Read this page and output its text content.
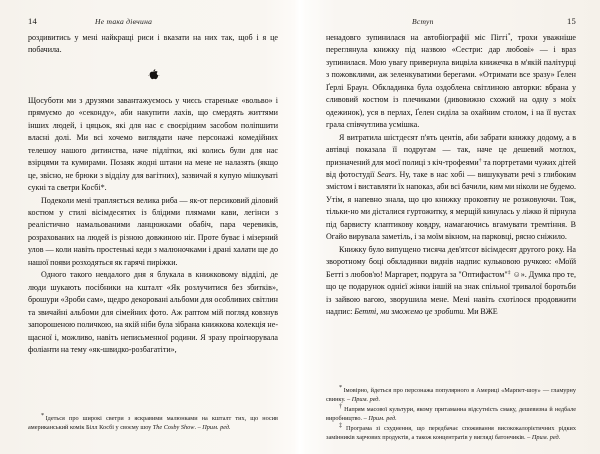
14	Не така дівчина

роздивитись у мені найкращі риси і вказати на них так, щоб і я це побачила.

Щосуботи ми з друзями завантажуємось у чиєсь стареньке «вольво» і прямуємо до «секонду», аби накупити лахів, що смердять життями інших людей, і цяцьок, які для нас є своєрідним засобом поліпшити власні долі. Ми всі хочемо виглядати наче персонажі комедійних телешоу нашого дитинства, наче підлітки, які колись були для нас взірцями та кумирами. Позаяк жодні штани на мене не налазять (якщо це, звісно, не брюки з відділу для вагітних), зазвичай я купую мішкуваті сукні та светри Косбі*.

Подеколи мені трапляється велика риба — як-от персиковий діловий костюм у стилі вісімдесятих із блідими плямами кави, легінси з реалістично намальованими ланцюжками обабіч, пара черевиків, розрахованих на людей із різною довжиною ніг. Проте буває і мізерний улов — коли навіть простенькі кеди з малюночками і драні халати ще до нашої появи розходяться як гарячі пиріжки.

Одного такого невдалого дня я блукала в книжковому відділі, де люди шукають посібники на кшталт «Як розлучитися без збитків», брошури «Зроби сам», щедро декоровані альбоми для особливих світлин та звичайні альбоми для сімейних фото. Аж раптом мій погляд ковзнув запорошеною поличкою, на якій ніби була зібрана книжкова колекція нещасної і, можливо, навіть неписьменної родини. Я зразу проігнорувала фоліанти на тему «як-швидко-розбагатіти»,

* Ідеться про широкі светри з яскравими малюнками на кшталт тих, що носив американський комік Білл Косбі у своєму шоу The Cosby Show. – Прим. ред.

Вступ	15

ненадовго зупинилася на автобіографії міс Піггі*, трохи уважніше переглянула книжку під назвою «Сестри: дар любові» — і враз зупинилася. Мою увагу привернула вицвіла книжечка в м'якій палітурці з пожовклими, аж зеленкуватими берегами. «Отримати все зразу» Ґелен Ґерлі Браун. Обкладинка була оздоблена світлиною авторки: вбрана у сливовий костюм із плечиками (дивовижно схожий на одну з моїх одежинок), уся в перлах, Ґелен сиділа за охайним столом, і на її вустах грала співчутлива усмішка.

Я витратила шістдесят п'ять центів, аби забрати книжку додому, а в автівці показала її подругам — так, наче це дешевий мотлох, призначений для моєї полиці з кіч-трофеями† та портретами чужих дітей від фотостудії Sears. Ну, таке в нас хобі — вишукувати речі з глибоким змістом і виставляти їх напоказ, аби всі бачили, ким ми ніколи не будемо. Утім, я напевно знала, що цю книжку проковтну не розжовуючи. Тож, тільки-но ми дісталися гуртожитку, я мерщій кинулась у ліжко й пірнула під барвисту клаптикову ковдру, намагаючись вгамувати тремтіння. В Огайо вирувала заметіль, і за моїм вікном, на парковці, рясно сніжило.

Книжку було випущено тисяча дев'ятсот вісімдесят другого року. На зворотному боці обкладинки виднів надпис кульковою ручкою: «Моїй Бетті з любов'ю! Маргарет, подруга за "Оптифастом"‡ ☺». Думка про те, що це подарунок однієї жінки іншій на знак спільної тривалої боротьби із зайвою вагою, зворушила мене. Мені навіть схотілося продовжити надпис: Бетті, ми зможемо це зробити. Ми ВЖЕ

* Імовірно, йдеться про персонажа популярного в Америці «Маpпет-шоу» — гламурну свинку. – Прим. ред.

† Напрям масової культури, якому притаманна відсутність смаку, дешевизна й недбале виробництво. – Прим. ред.

‡ Програма зі схуднення, що передбачає споживання висококалорієтичних рідких замінників харчових продуктів, а також концентратів у вигляді батончиків. – Прим. ред.
